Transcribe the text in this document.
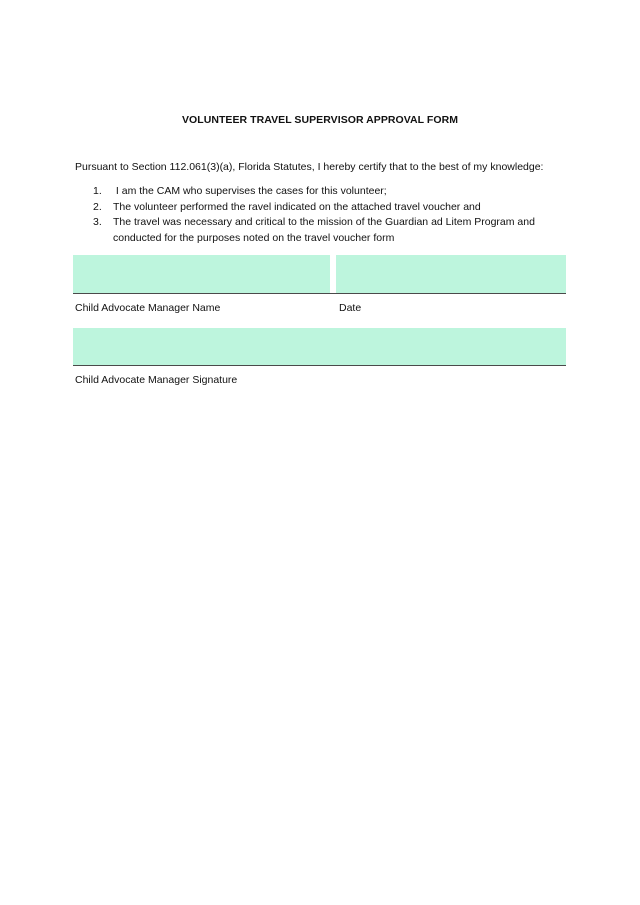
VOLUNTEER TRAVEL SUPERVISOR APPROVAL FORM
Pursuant to Section 112.061(3)(a), Florida Statutes, I hereby certify that to the best of my knowledge:
1. I am the CAM who supervises the cases for this volunteer;
2. The volunteer performed the ravel indicated on the attached travel voucher and
3. The travel was necessary and critical to the mission of the Guardian ad Litem Program and conducted for the purposes noted on the travel voucher form
Child Advocate Manager Name	Date
Child Advocate Manager Signature
